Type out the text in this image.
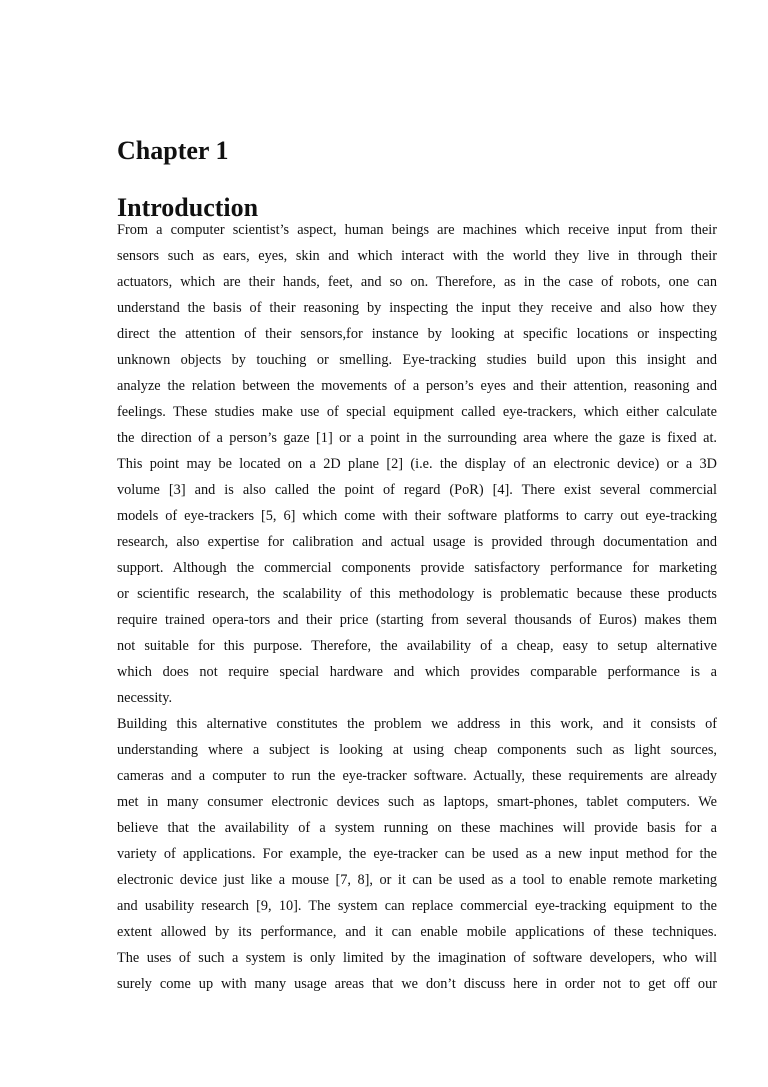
Chapter 1
Introduction
From a computer scientist’s aspect, human beings are machines which receive input from their
sensors such as ears, eyes, skin and which interact with the world they live in through their
actuators, which are their hands, feet, and so on. Therefore, as in the case of robots, one can
understand the basis of their reasoning by inspecting the input they receive and also how they
direct the attention of their sensors,for instance by looking at specific locations or inspecting
unknown objects by touching or smelling. Eye-tracking studies build upon this insight and
analyze the relation between the movements of a person’s eyes and their attention, reasoning and
feelings. These studies make use of special equipment called eye-trackers, which either calculate
the direction of a person’s gaze [1] or a point in the surrounding area where the gaze is fixed at.
This point may be located on a 2D plane [2] (i.e. the display of an electronic device) or a 3D
volume [3] and is also called the point of regard (PoR) [4]. There exist several commercial
models of eye-trackers [5, 6] which come with their software platforms to carry out eye-tracking
research, also expertise for calibration and actual usage is provided through documentation and
support. Although the commercial components provide satisfactory performance for marketing
or scientific research, the scalability of this methodology is problematic because these products
require trained opera-tors and their price (starting from several thousands of Euros) makes them
not suitable for this purpose. Therefore, the availability of a cheap, easy to setup alternative
which does not require special hardware and which provides comparable performance is a
necessity.
Building this alternative constitutes the problem we address in this work, and it consists of
understanding where a subject is looking at using cheap components such as light sources,
cameras and a computer to run the eye-tracker software. Actually, these requirements are already
met in many consumer electronic devices such as laptops, smart-phones, tablet computers. We
believe that the availability of a system running on these machines will provide basis for a
variety of applications. For example, the eye-tracker can be used as a new input method for the
electronic device just like a mouse [7, 8], or it can be used as a tool to enable remote marketing
and usability research [9, 10]. The system can replace commercial eye-tracking equipment to the
extent allowed by its performance, and it can enable mobile applications of these techniques.
The uses of such a system is only limited by the imagination of software developers, who will
surely come up with many usage areas that we don’t discuss here in order not to get off our
